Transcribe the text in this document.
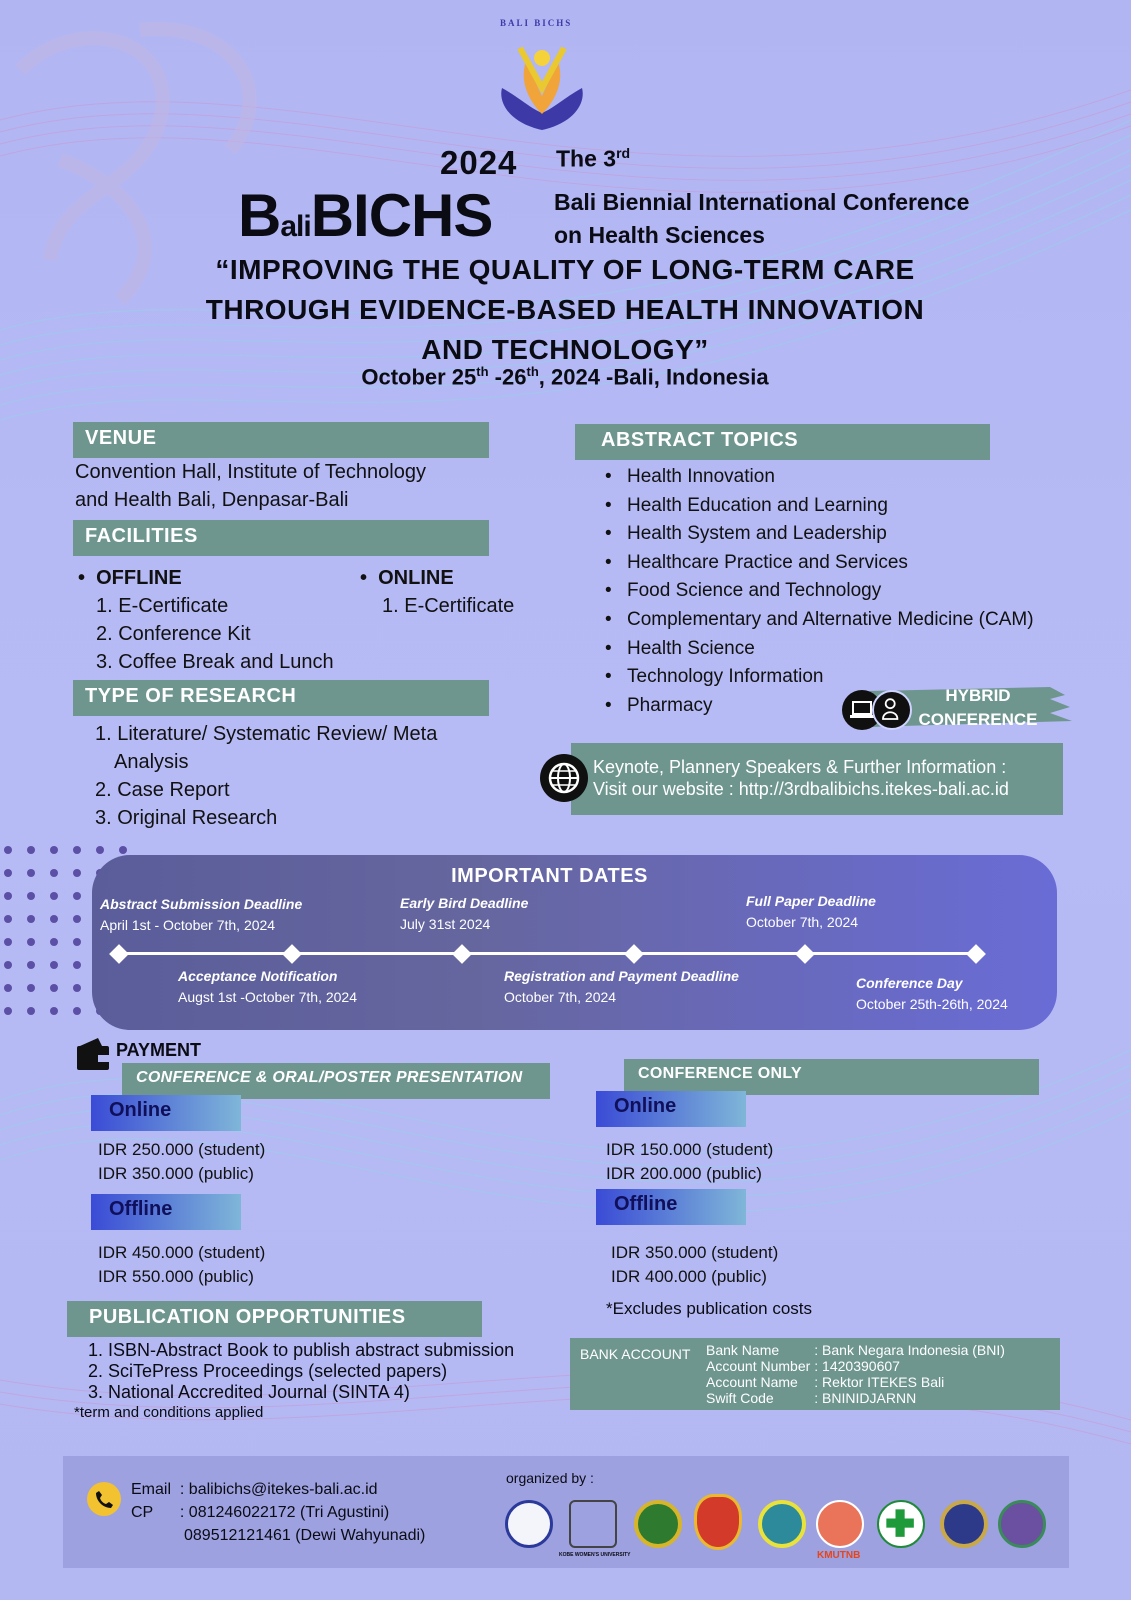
BALI BICHS
2024 The 3rd
BaliBICHS	Bali Biennial International Conference
on Health Sciences
“IMPROVING THE QUALITY OF LONG-TERM CARE
THROUGH EVIDENCE-BASED HEALTH INNOVATION
AND TECHNOLOGY”
October 25th -26th, 2024 -Bali, Indonesia
VENUE
Convention Hall, Institute of Technology
and Health Bali, Denpasar-Bali
FACILITIES
•  OFFLINE
1. E-Certificate
2. Conference Kit
3. Coffee Break and Lunch
•  ONLINE
1. E-Certificate
TYPE OF RESEARCH
1. Literature/ Systematic Review/ Meta
Analysis
2. Case Report
3. Original Research
ABSTRACT TOPICS
• Health Innovation
• Health Education and Learning
• Health System and Leadership
• Healthcare Practice and Services
• Food Science and Technology
• Complementary and Alternative Medicine (CAM)
• Health Science
• Technology Information
• Pharmacy	HYBRID
CONFERENCE
Keynote, Plannery Speakers & Further Information :
Visit our website : http://3rdbalibichs.itekes-bali.ac.id
IMPORTANT DATES
Abstract Submission Deadline
April 1st - October 7th, 2024
Acceptance Notification
Augst 1st -October 7th, 2024
Early Bird Deadline
July 31st 2024
Registration and Payment Deadline
October 7th, 2024
Full Paper Deadline
October 7th, 2024
Conference Day
October 25th-26th, 2024
PAYMENT
CONFERENCE & ORAL/POSTER PRESENTATION
Online
IDR 250.000 (student)
IDR 350.000 (public)
Offline
IDR 450.000 (student)
IDR 550.000 (public)
CONFERENCE ONLY
Online
IDR 150.000 (student)
IDR 200.000 (public)
Offline
IDR 350.000 (student)
IDR 400.000 (public)
*Excludes publication costs
PUBLICATION OPPORTUNITIES
1. ISBN-Abstract Book to publish abstract submission
2. SciTePress Proceedings (selected papers)
3. National Accredited Journal (SINTA 4)
*term and conditions applied
BANK ACCOUNT Bank Name	: Bank Negara Indonesia (BNI)
Account Number	: 1420390607
Account Name	: Rektor ITEKES Bali
Swift Code	: BNINIDJARNN
Email : balibichs@itekes-bali.ac.id
CP : 081246022172 (Tri Agustini)
089512121461 (Dewi Wahyunadi)
organized by :
KOBE WOMEN'S UNIVERSITY	KMUTNB
